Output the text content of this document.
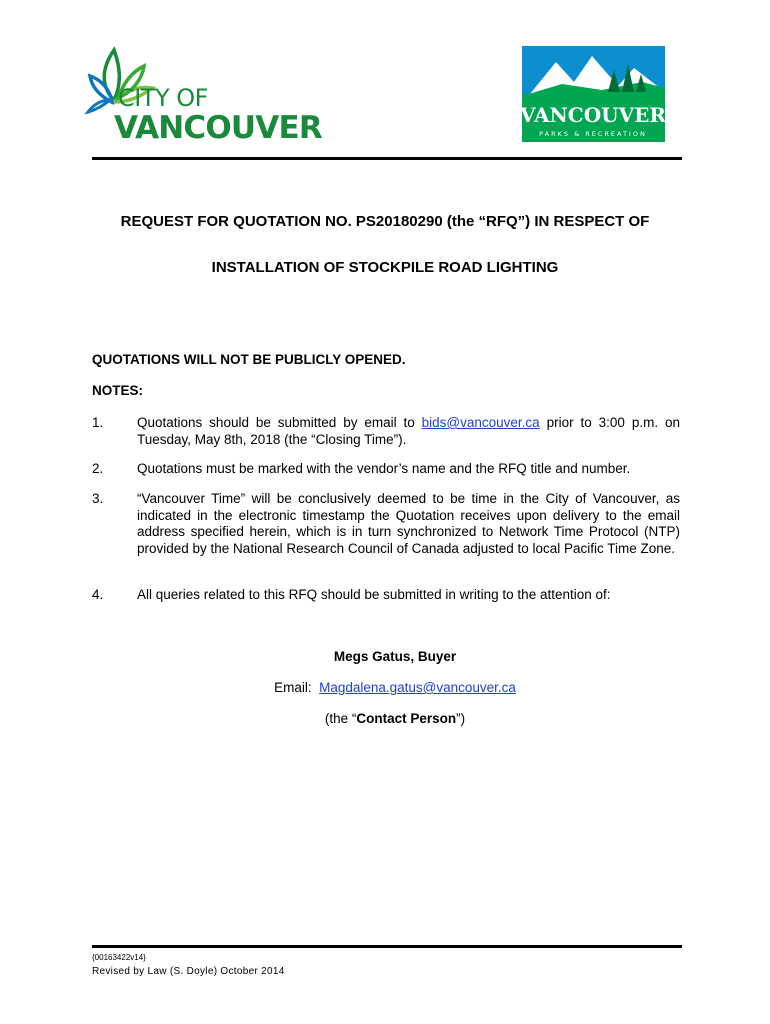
CITY OF
VANCOUVER	VANCOUVER
PARKS & RECREATION
REQUEST FOR QUOTATION NO. PS20180290 (the “RFQ”) IN RESPECT OF
INSTALLATION OF STOCKPILE ROAD LIGHTING
QUOTATIONS WILL NOT BE PUBLICLY OPENED.
NOTES:
1. Quotations should be submitted by email to bids@vancouver.ca prior to 3:00 p.m. on Tuesday, May 8th, 2018 (the “Closing Time”).
2. Quotations must be marked with the vendor’s name and the RFQ title and number.
3. “Vancouver Time” will be conclusively deemed to be time in the City of Vancouver, as indicated in the electronic timestamp the Quotation receives upon delivery to the email address specified herein, which is in turn synchronized to Network Time Protocol (NTP) provided by the National Research Council of Canada adjusted to local Pacific Time Zone.
4. All queries related to this RFQ should be submitted in writing to the attention of:
Megs Gatus, Buyer
Email: Magdalena.gatus@vancouver.ca
(the “Contact Person”)
{00163422v14}
Revised by Law (S. Doyle) October 2014
